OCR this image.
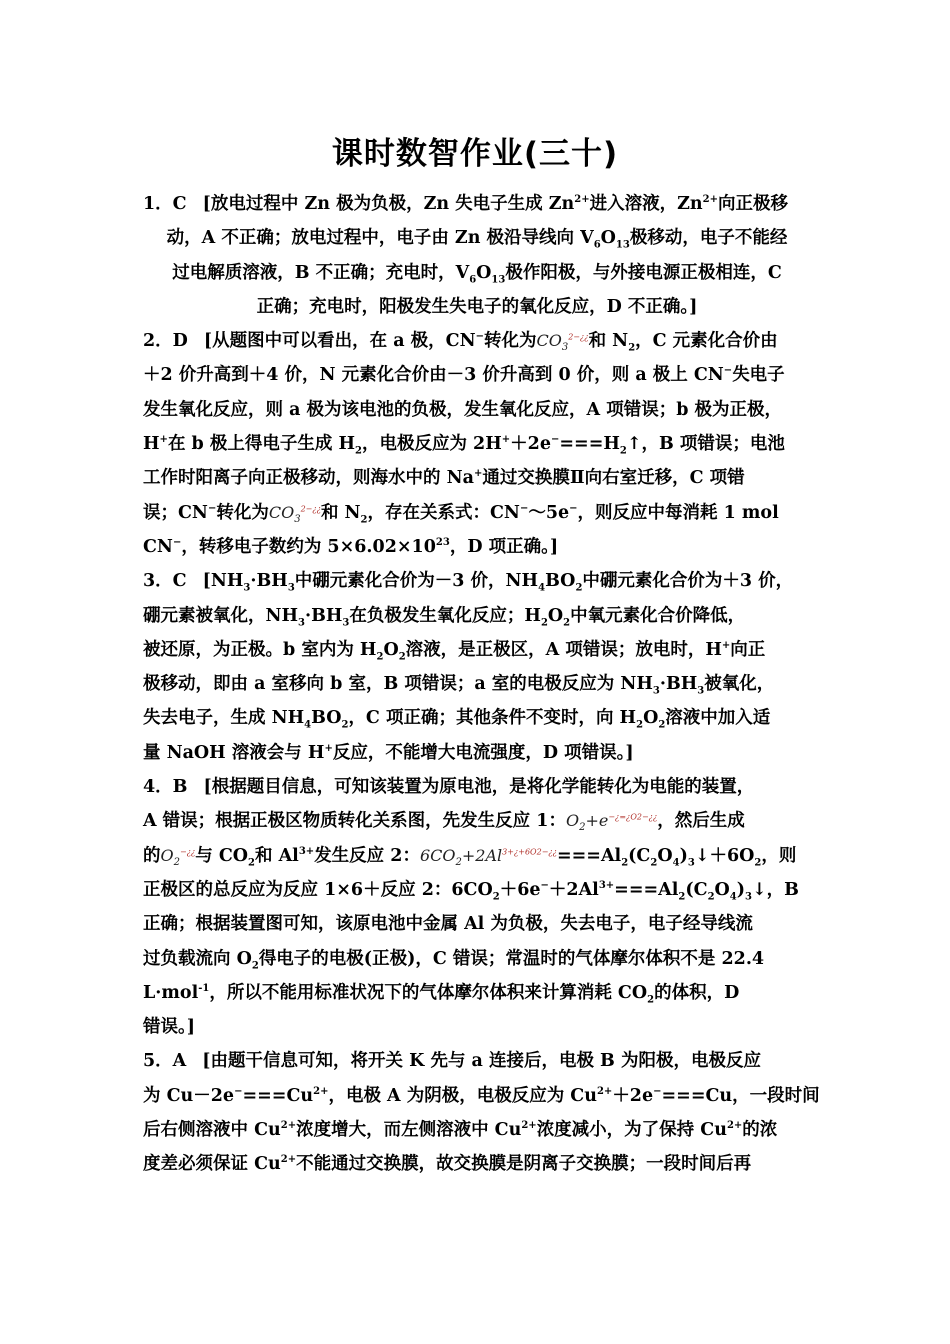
课时数智作业(三十)
1．C [放电过程中 Zn 极为负极，Zn 失电子生成 $Zn^{2+}$进入溶液，$Zn^{2+}$向正极移
动，A 不正确；放电过程中，电子由 Zn 极沿导线向 $V_6O_{13}$极移动，电子不能经
过电解质溶液，B 不正确；充电时，$V_6O_{13}$极作阳极，与外接电源正极相连，C
正确；充电时，阳极发生失电子的氧化反应，D 不正确。]
2．D [从题图中可以看出，在 a 极，CN−转化为$CO_3^{2-¿¿}$和 $N_2$，C 元素化合价由
＋2 价升高到＋4 价，N 元素化合价由－3 价升高到 0 价，则 a 极上 CN−失电子
发生氧化反应，则 a 极为该电池的负极，发生氧化反应，A 项错误；b 极为正极，
H+在 b 极上得电子生成 $H_2$，电极反应为 $2H^++2e^-===H_2↑$，B 项错误；电池
工作时阳离子向正极移动，则海水中的 Na+通过交换膜Ⅱ向右室迁移，C 项错
误；CN−转化为$CO_3^{2-¿¿}$和 $N_2$，存在关系式：CN−～5e−，则反应中每消耗 1 mol
CN−，转移电子数约为 $5\times 6.02\times 10^{23}$，D 项正确。]
3．C [$NH_3\cdot BH_3$中硼元素化合价为－3 价，$NH_4BO_2$中硼元素化合价为＋3 价，
硼元素被氧化，$NH_3\cdot BH_3$在负极发生氧化反应；$H_2O_2$中氧元素化合价降低，
被还原，为正极。b 室内为 $H_2O_2$溶液，是正极区，A 项错误；放电时，H+向正
极移动，即由 a 室移向 b 室，B 项错误；a 室的电极反应为 $NH_3\cdot BH_3$被氧化，
失去电子，生成 $NH_4BO_2$，C 项正确；其他条件不变时，向 $H_2O_2$溶液中加入适
量 NaOH 溶液会与 H+反应，不能增大电流强度，D 项错误。]
4．B [根据题目信息，可知该装置为原电池，是将化学能转化为电能的装置，
A 错误；根据正极区物质转化关系图，先发生反应 1：$O_2+e^{-¿=¿O2-¿¿}$，然后生成
的$O_2^{-¿¿}$与 $CO_2$和 $Al^{3+}$发生反应 2：$6CO_2+2Al^{3+¿+6O2-¿¿}===Al_2(C_2O_4)_3↓+6O_2$，则
正极区的总反应为反应 1×6＋反应 2：$6CO_2+6e^-+2Al^{3+}===Al_2(C_2O_4)_3↓$，B
正确；根据装置图可知，该原电池中金属 Al 为负极，失去电子，电子经导线流
过负载流向 $O_2$得电子的电极(正极)，C 错误；常温时的气体摩尔体积不是 22.4
L·mol$^{-1}$，所以不能用标准状况下的气体摩尔体积来计算消耗 $CO_2$的体积，D
错误。]
5．A [由题干信息可知，将开关 K 先与 a 连接后，电极 B 为阳极，电极反应
为 $Cu-2e^-===Cu^{2+}$，电极 A 为阴极，电极反应为 $Cu^{2+}+2e^-===Cu$，一段时间
后右侧溶液中 $Cu^{2+}$浓度增大，而左侧溶液中 $Cu^{2+}$浓度减小，为了保持 $Cu^{2+}$的浓
度差必须保证 $Cu^{2+}$不能通过交换膜，故交换膜是阴离子交换膜；一段时间后再
